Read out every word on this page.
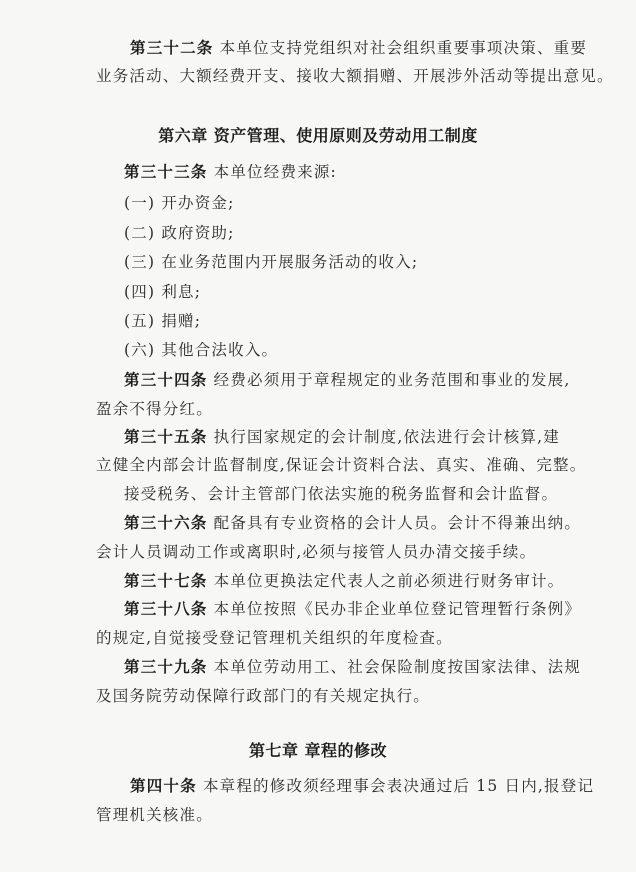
第三十二条 本单位支持党组织对社会组织重要事项决策、重要
业务活动、大额经费开支、接收大额捐赠、开展涉外活动等提出意见。
第六章 资产管理、使用原则及劳动用工制度
第三十三条 本单位经费来源:
(一) 开办资金;
(二) 政府资助;
(三) 在业务范围内开展服务活动的收入;
(四) 利息;
(五) 捐赠;
(六) 其他合法收入。
第三十四条 经费必须用于章程规定的业务范围和事业的发展,
盈余不得分红。
第三十五条 执行国家规定的会计制度,依法进行会计核算,建
立健全内部会计监督制度,保证会计资料合法、真实、准确、完整。
接受税务、会计主管部门依法实施的税务监督和会计监督。
第三十六条 配备具有专业资格的会计人员。会计不得兼出纳。
会计人员调动工作或离职时,必须与接管人员办清交接手续。
第三十七条 本单位更换法定代表人之前必须进行财务审计。
第三十八条 本单位按照《民办非企业单位登记管理暂行条例》
的规定,自觉接受登记管理机关组织的年度检查。
第三十九条 本单位劳动用工、社会保险制度按国家法律、法规
及国务院劳动保障行政部门的有关规定执行。
第七章 章程的修改
第四十条 本章程的修改须经理事会表决通过后 15 日内,报登记
管理机关核准。
